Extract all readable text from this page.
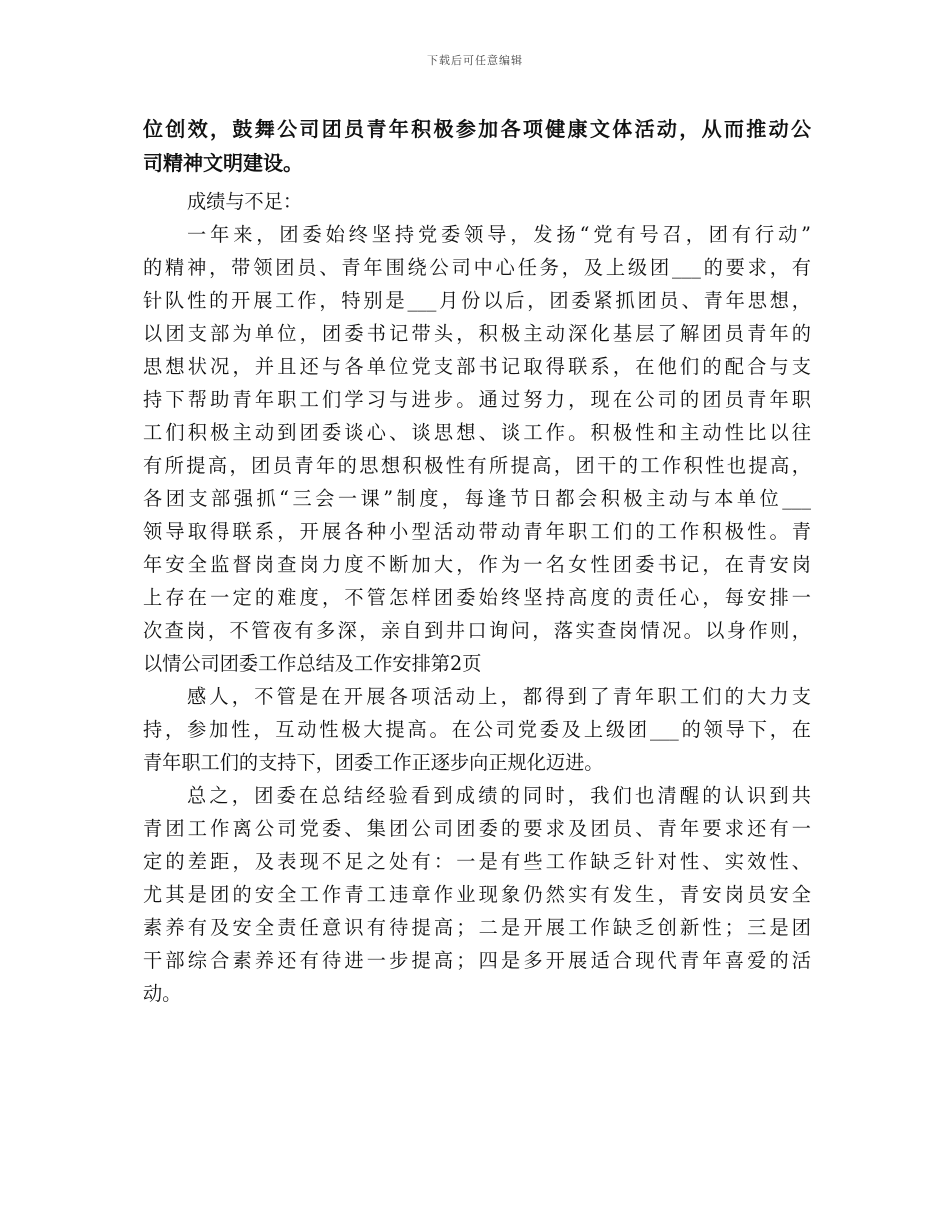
下载后可任意编辑
位创效，鼓舞公司团员青年积极参加各项健康文体活动，从而推动公
司精神文明建设。
成绩与不足：
一年来，团委始终坚持党委领导，发扬“党有号召，团有行动”
的精神，带领团员、青年围绕公司中心任务，及上级团___的要求，有
针队性的开展工作，特别是___月份以后，团委紧抓团员、青年思想，
以团支部为单位，团委书记带头，积极主动深化基层了解团员青年的
思想状况，并且还与各单位党支部书记取得联系，在他们的配合与支
持下帮助青年职工们学习与进步。通过努力，现在公司的团员青年职
工们积极主动到团委谈心、谈思想、谈工作。积极性和主动性比以往
有所提高，团员青年的思想积极性有所提高，团干的工作积性也提高，
各团支部强抓“三会一课”制度，每逢节日都会积极主动与本单位___
领导取得联系，开展各种小型活动带动青年职工们的工作积极性。青
年安全监督岗查岗力度不断加大，作为一名女性团委书记，在青安岗
上存在一定的难度，不管怎样团委始终坚持高度的责任心，每安排一
次查岗，不管夜有多深，亲自到井口询问，落实查岗情况。以身作则，
以情公司团委工作总结及工作安排第2页
感人，不管是在开展各项活动上，都得到了青年职工们的大力支
持，参加性，互动性极大提高。在公司党委及上级团___的领导下，在
青年职工们的支持下，团委工作正逐步向正规化迈进。
总之，团委在总结经验看到成绩的同时，我们也清醒的认识到共
青团工作离公司党委、集团公司团委的要求及团员、青年要求还有一
定的差距，及表现不足之处有：一是有些工作缺乏针对性、实效性、
尤其是团的安全工作青工违章作业现象仍然实有发生，青安岗员安全
素养有及安全责任意识有待提高；二是开展工作缺乏创新性；三是团
干部综合素养还有待进一步提高；四是多开展适合现代青年喜爱的活
动。
